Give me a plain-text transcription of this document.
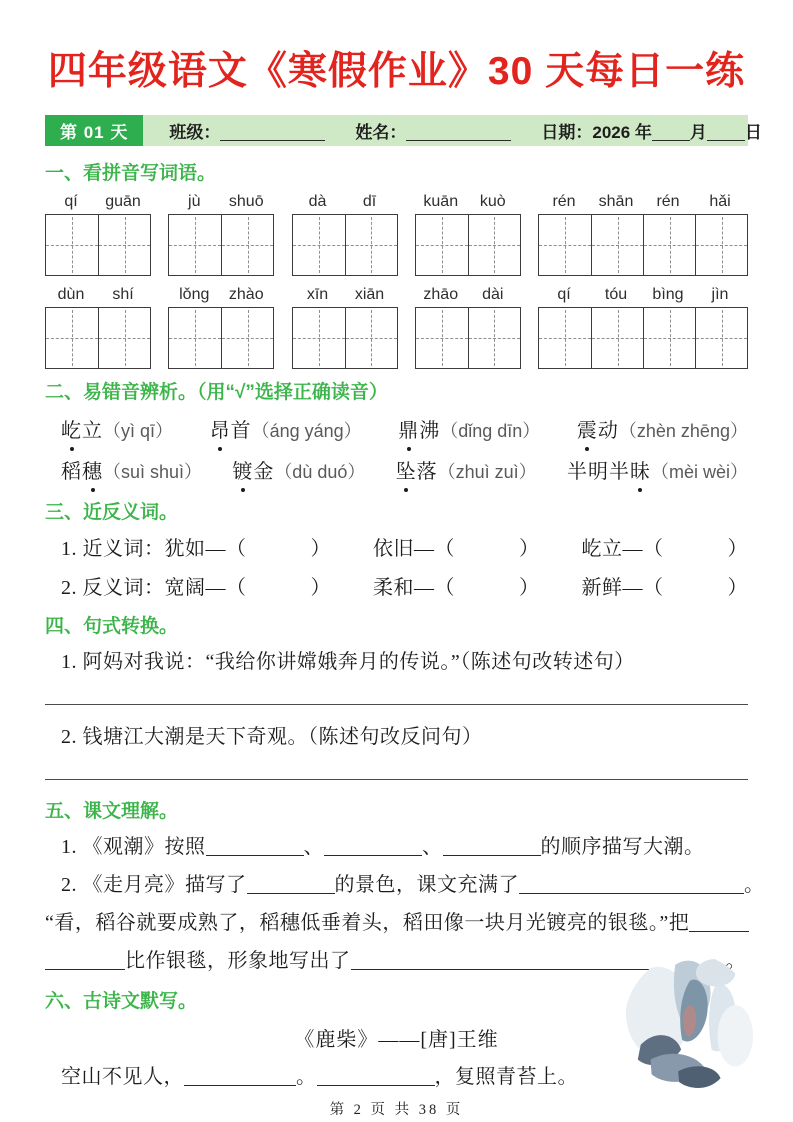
四年级语文《寒假作业》30 天每日一练
第 01 天	班级：	姓名：	日期：2026 年 月 日
一、看拼音写词语。
qí	guān	jù	shuō	dà	dī	kuān	kuò	rén	shān	rén	hǎi
dùn	shí	lǒng	zhào	xīn	xiān	zhāo	dài	qí	tóu	bìng	jìn
二、易错音辨析。（用“√”选择正确读音）
屹立（yì qī） 昂首（áng yáng） 鼎沸（dǐng dīn） 震动（zhèn zhēng）
稻穗（suì shuì） 镀金（dù duó） 坠落（zhuì zuì） 半明半昧（mèi wèi）
三、近反义词。
1. 近义词：犹如—（	） 依旧—（	） 屹立—（	）
2. 反义词：宽阔—（	） 柔和—（	） 新鲜—（	）
四、句式转换。
1. 阿妈对我说：“我给你讲嫦娥奔月的传说。”（陈述句改转述句）
2. 钱塘江大潮是天下奇观。（陈述句改反问句）
五、课文理解。
1. 《观潮》按照	、	、	的顺序描写大潮。
2. 《走月亮》描写了	的景色，课文充满了	。
“看，稻谷就要成熟了，稻穗低垂着头，稻田像一块月光镀亮的银毯。”把
比作银毯，形象地写出了	。
六、古诗文默写。
《鹿柴》——[唐]王维
空山不见人，	。	，复照青苔上。
第 2 页 共 38 页
